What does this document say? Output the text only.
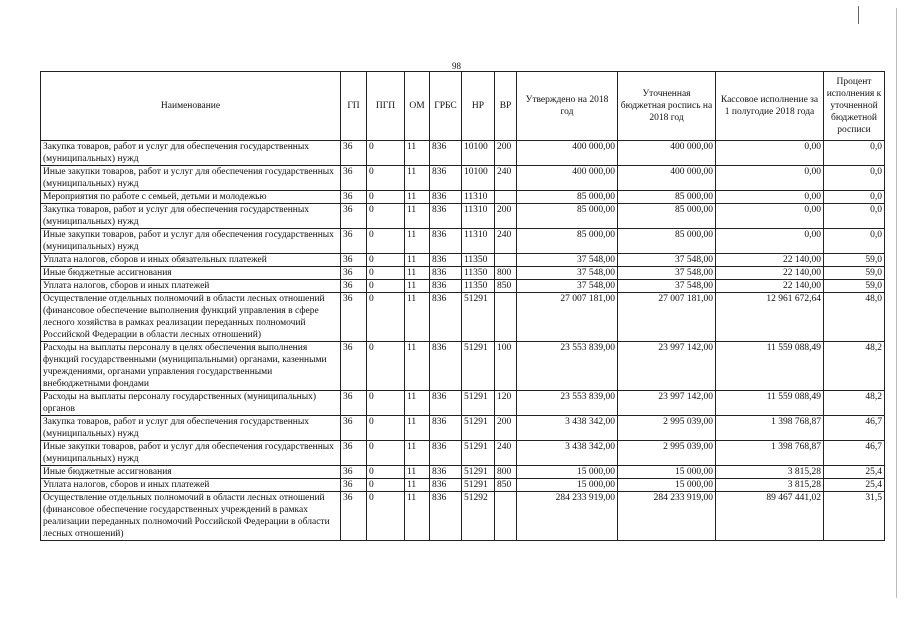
98
Наименование	ГП	ПГП	ОМ	ГРБС	НР	ВР	Утверждено на 2018 год	Уточненная бюджетная роспись на 2018 год	Кассовое исполнение за 1 полугодие 2018 года	Процент исполнения к уточненной бюджетной росписи
Закупка товаров, работ и услуг для обеспечения государственных (муниципальных) нужд	36	0	11	836	10100	200	400 000,00	400 000,00	0,00	0,0
Иные закупки товаров, работ и услуг для обеспечения государственных (муниципальных) нужд	36	0	11	836	10100	240	400 000,00	400 000,00	0,00	0,0
Мероприятия по работе с семьей, детьми и молодежью	36	0	11	836	11310		85 000,00	85 000,00	0,00	0,0
Закупка товаров, работ и услуг для обеспечения государственных (муниципальных) нужд	36	0	11	836	11310	200	85 000,00	85 000,00	0,00	0,0
Иные закупки товаров, работ и услуг для обеспечения государственных (муниципальных) нужд	36	0	11	836	11310	240	85 000,00	85 000,00	0,00	0,0
Уплата налогов, сборов и иных обязательных платежей	36	0	11	836	11350		37 548,00	37 548,00	22 140,00	59,0
Иные бюджетные ассигнования	36	0	11	836	11350	800	37 548,00	37 548,00	22 140,00	59,0
Уплата налогов, сборов и иных платежей	36	0	11	836	11350	850	37 548,00	37 548,00	22 140,00	59,0
Осуществление отдельных полномочий в области лесных отношений (финансовое обеспечение выполнения функций управления в сфере лесного хозяйства в рамках реализации переданных полномочий Российской Федерации в области лесных отношений)	36	0	11	836	51291		27 007 181,00	27 007 181,00	12 961 672,64	48,0
Расходы на выплаты персоналу в целях обеспечения выполнения функций государственными (муниципальными) органами, казенными учреждениями, органами управления государственными внебюджетными фондами	36	0	11	836	51291	100	23 553 839,00	23 997 142,00	11 559 088,49	48,2
Расходы на выплаты персоналу государственных (муниципальных) органов	36	0	11	836	51291	120	23 553 839,00	23 997 142,00	11 559 088,49	48,2
Закупка товаров, работ и услуг для обеспечения государственных (муниципальных) нужд	36	0	11	836	51291	200	3 438 342,00	2 995 039,00	1 398 768,87	46,7
Иные закупки товаров, работ и услуг для обеспечения государственных (муниципальных) нужд	36	0	11	836	51291	240	3 438 342,00	2 995 039,00	1 398 768,87	46,7
Иные бюджетные ассигнования	36	0	11	836	51291	800	15 000,00	15 000,00	3 815,28	25,4
Уплата налогов, сборов и иных платежей	36	0	11	836	51291	850	15 000,00	15 000,00	3 815,28	25,4
Осуществление отдельных полномочий в области лесных отношений (финансовое обеспечение государственных учреждений в рамках реализации переданных полномочий Российской Федерации в области лесных отношений)	36	0	11	836	51292		284 233 919,00	284 233 919,00	89 467 441,02	31,5
